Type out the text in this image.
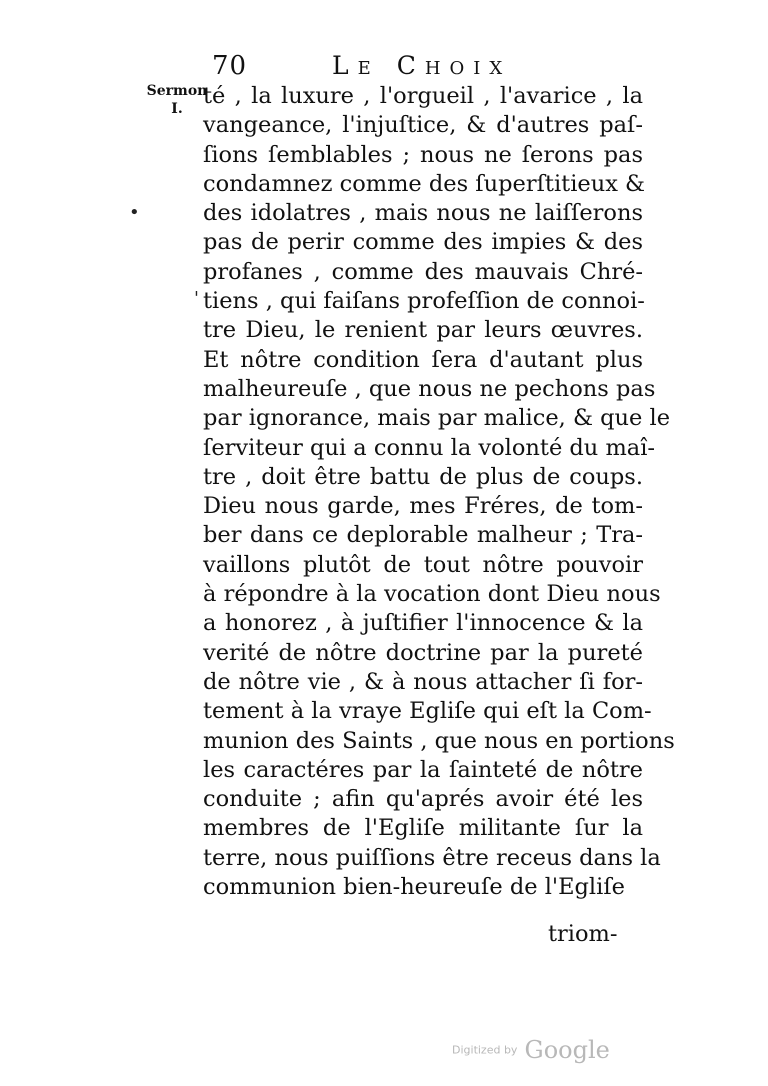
70	Le Choix
Sermon
I. té , la luxure , l'orgueil , l'avarice , la
vangeance, l'injuſtice, & d'autres paſ-
ſions ſemblables ; nous ne ſerons pas
condamnez comme des ſuperſtitieux &
des idolatres , mais nous ne laiſſerons
pas de perir comme des impies & des
profanes , comme des mauvais Chré-
tiens , qui faiſans profeſſion de connoi-
tre Dieu, le renient par leurs œuvres.
Et nôtre condition ſera d'autant plus
malheureuſe , que nous ne pechons pas
par ignorance, mais par malice, & que le
ſerviteur qui a connu la volonté du maî-
tre , doit être battu de plus de coups.
Dieu nous garde, mes Fréres, de tom-
ber dans ce deplorable malheur ; Tra-
vaillons plutôt de tout nôtre pouvoir
à répondre à la vocation dont Dieu nous
a honorez , à juſtifier l'innocence & la
verité de nôtre doctrine par la pureté
de nôtre vie , & à nous attacher ſi for-
tement à la vraye Egliſe qui eſt la Com-
munion des Saints , que nous en portions
les caractéres par la ſainteté de nôtre
conduite ; afin qu'aprés avoir été les
membres de l'Egliſe militante ſur la
terre, nous puiſſions être receus dans la
communion bien-heureuſe de l'Egliſe
triom-
•
'
Digitized by Google
